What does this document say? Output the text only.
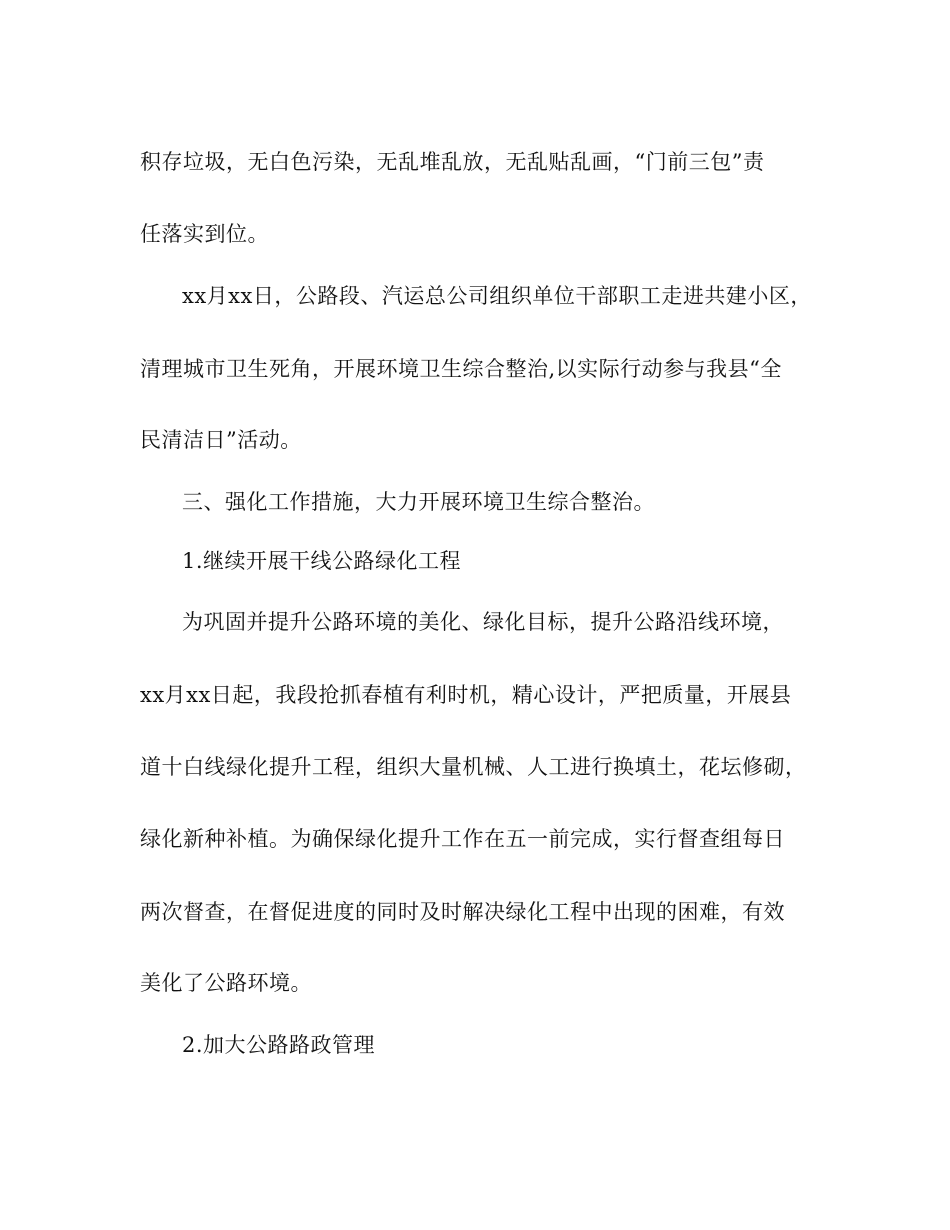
积存垃圾，无白色污染，无乱堆乱放，无乱贴乱画，“门前三包”责
任落实到位。
xx月xx日，公路段、汽运总公司组织单位干部职工走进共建小区，
清理城市卫生死角，开展环境卫生综合整治,以实际行动参与我县“全
民清洁日”活动。
三、强化工作措施，大力开展环境卫生综合整治。
1.继续开展干线公路绿化工程
为巩固并提升公路环境的美化、绿化目标，提升公路沿线环境，
xx月xx日起，我段抢抓春植有利时机，精心设计，严把质量，开展县
道十白线绿化提升工程，组织大量机械、人工进行换填土，花坛修砌，
绿化新种补植。为确保绿化提升工作在五一前完成，实行督查组每日
两次督查，在督促进度的同时及时解决绿化工程中出现的困难，有效
美化了公路环境。
2.加大公路路政管理
